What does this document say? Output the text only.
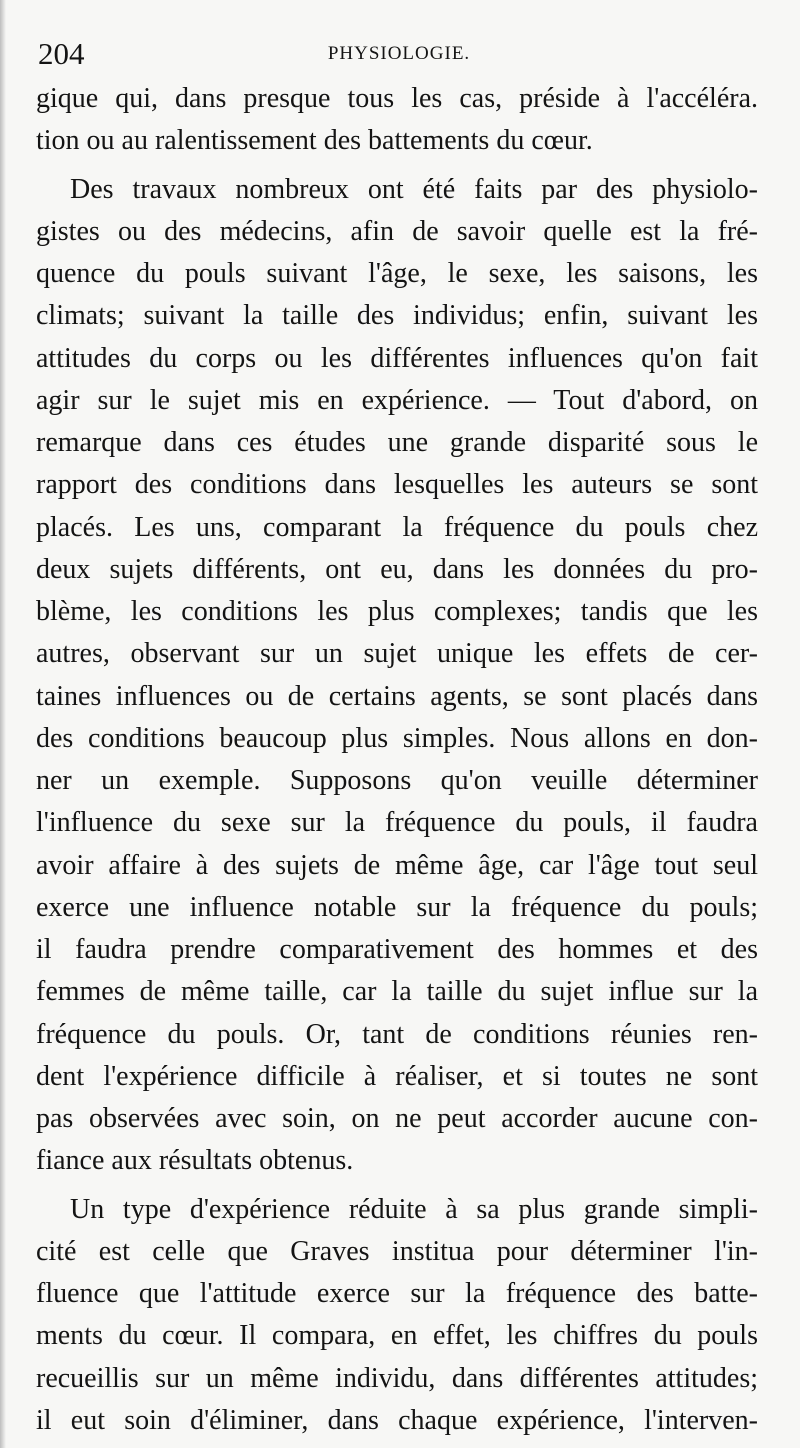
204	PHYSIOLOGIE.
gique qui, dans presque tous les cas, préside à l'accéléra.
tion ou au ralentissement des battements du cœur.
Des travaux nombreux ont été faits par des physiolo-
gistes ou des médecins, afin de savoir quelle est la fré-
quence du pouls suivant l'âge, le sexe, les saisons, les
climats; suivant la taille des individus; enfin, suivant les
attitudes du corps ou les différentes influences qu'on fait
agir sur le sujet mis en expérience. — Tout d'abord, on
remarque dans ces études une grande disparité sous le
rapport des conditions dans lesquelles les auteurs se sont
placés. Les uns, comparant la fréquence du pouls chez
deux sujets différents, ont eu, dans les données du pro-
blème, les conditions les plus complexes; tandis que les
autres, observant sur un sujet unique les effets de cer-
taines influences ou de certains agents, se sont placés dans
des conditions beaucoup plus simples. Nous allons en don-
ner un exemple. Supposons qu'on veuille déterminer
l'influence du sexe sur la fréquence du pouls, il faudra
avoir affaire à des sujets de même âge, car l'âge tout seul
exerce une influence notable sur la fréquence du pouls;
il faudra prendre comparativement des hommes et des
femmes de même taille, car la taille du sujet influe sur la
fréquence du pouls. Or, tant de conditions réunies ren-
dent l'expérience difficile à réaliser, et si toutes ne sont
pas observées avec soin, on ne peut accorder aucune con-
fiance aux résultats obtenus.
Un type d'expérience réduite à sa plus grande simpli-
cité est celle que Graves institua pour déterminer l'in-
fluence que l'attitude exerce sur la fréquence des batte-
ments du cœur. Il compara, en effet, les chiffres du pouls
recueillis sur un même individu, dans différentes attitudes;
il eut soin d'éliminer, dans chaque expérience, l'interven-
